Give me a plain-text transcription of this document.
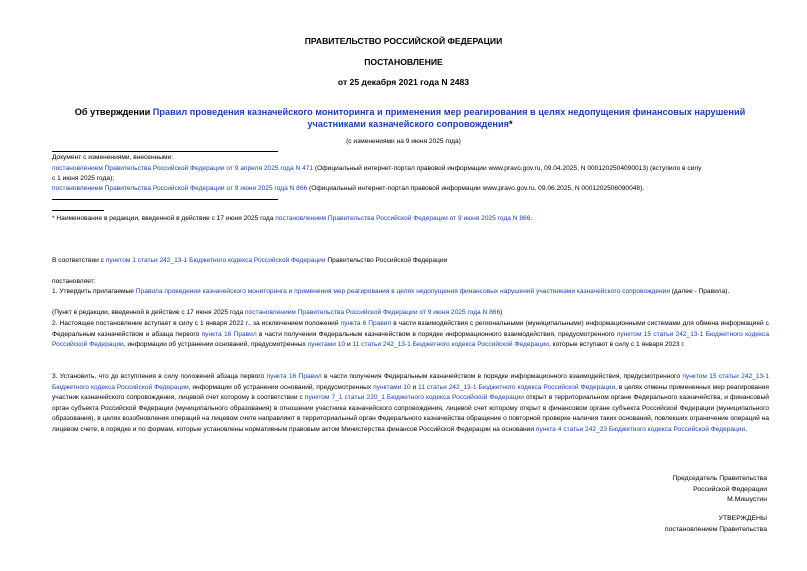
ПРАВИТЕЛЬСТВО РОССИЙСКОЙ ФЕДЕРАЦИИ
ПОСТАНОВЛЕНИЕ
от 25 декабря 2021 года N 2483
Об утверждении Правил проведения казначейского мониторинга и применения мер реагирования в целях недопущения финансовых нарушений участниками казначейского сопровождения*
(с изменениями на 9 июня 2025 года)
Документ с изменениями, внесенными:
постановлением Правительства Российской Федерации от 9 апреля 2025 года N 471 (Официальный интернет-портал правовой информации www.pravo.gov.ru, 09.04.2025, N 0001202504090013) (вступило в силу
с 1 июня 2025 года);
постановлением Правительства Российской Федерации от 9 июня 2025 года N 866 (Официальный интернет-портал правовой информации www.pravo.gov.ru, 09.06.2025, N 0001202506090048).
* Наименование в редакции, введенной в действие с 17 июня 2025 года постановлением Правительства Российской Федерации от 9 июня 2025 года N 866.
В соответствии с пунктом 1 статьи 242_13-1 Бюджетного кодекса Российской Федерации Правительство Российской Федерации
постановляет:
1. Утвердить прилагаемые Правила проведения казначейского мониторинга и применения мер реагирования в целях недопущения финансовых нарушений участниками казначейского сопровождения (далее - Правила).
(Пункт в редакции, введенной в действие с 17 июня 2025 года постановлением Правительства Российской Федерации от 9 июня 2025 года N 866)
2. Настоящее постановление вступает в силу с 1 января 2022 г., за исключением положений пункта 6 Правил в части взаимодействия с региональными (муниципальными) информационными системами для обмена информацией с Федеральным казначейством и абзаца первого пункта 16 Правил в части получения Федеральным казначейством в порядке информационного взаимодействия, предусмотренного пунктом 15 статьи 242_13-1 Бюджетного кодекса Российской Федерации, информации об устранении оснований, предусмотренных пунктами 10 и 11 статьи 242_13-1 Бюджетного кодекса Российской Федерации, которые вступают в силу с 1 января 2023 г.
3. Установить, что до вступления в силу положений абзаца первого пункта 16 Правил в части получения Федеральным казначейством в порядке информационного взаимодействия, предусмотренного пунктом 15 статьи 242_13-1 Бюджетного кодекса Российской Федерации, информации об устранении оснований, предусмотренных пунктами 10 и 11 статьи 242_13-1 Бюджетного кодекса Российской Федерации, в целях отмены примененных мер реагирования участник казначейского сопровождения, лицевой счет которому в соответствии с пунктом 7_1 статьи 220_1 Бюджетного кодекса Российской Федерации открыт в территориальном органе Федерального казначейства, и финансовый орган субъекта Российской Федерации (муниципального образования) в отношении участника казначейского сопровождения, лицевой счет которому открыт в финансовом органе субъекта Российской Федерации (муниципального образования), в целях возобновления операций на лицевом счете направляют в территориальный орган Федерального казначейства обращение о повторной проверке наличия таких оснований, повлекших ограничение операций на лицевом счете, в порядке и по формам, которые установлены нормативным правовым актом Министерства финансов Российской Федерации на основании пункта 4 статьи 242_23 Бюджетного кодекса Российской Федерации.
Председатель Правительства
Российской Федерации
М.Мишустин
УТВЕРЖДЕНЫ
постановлением Правительства
